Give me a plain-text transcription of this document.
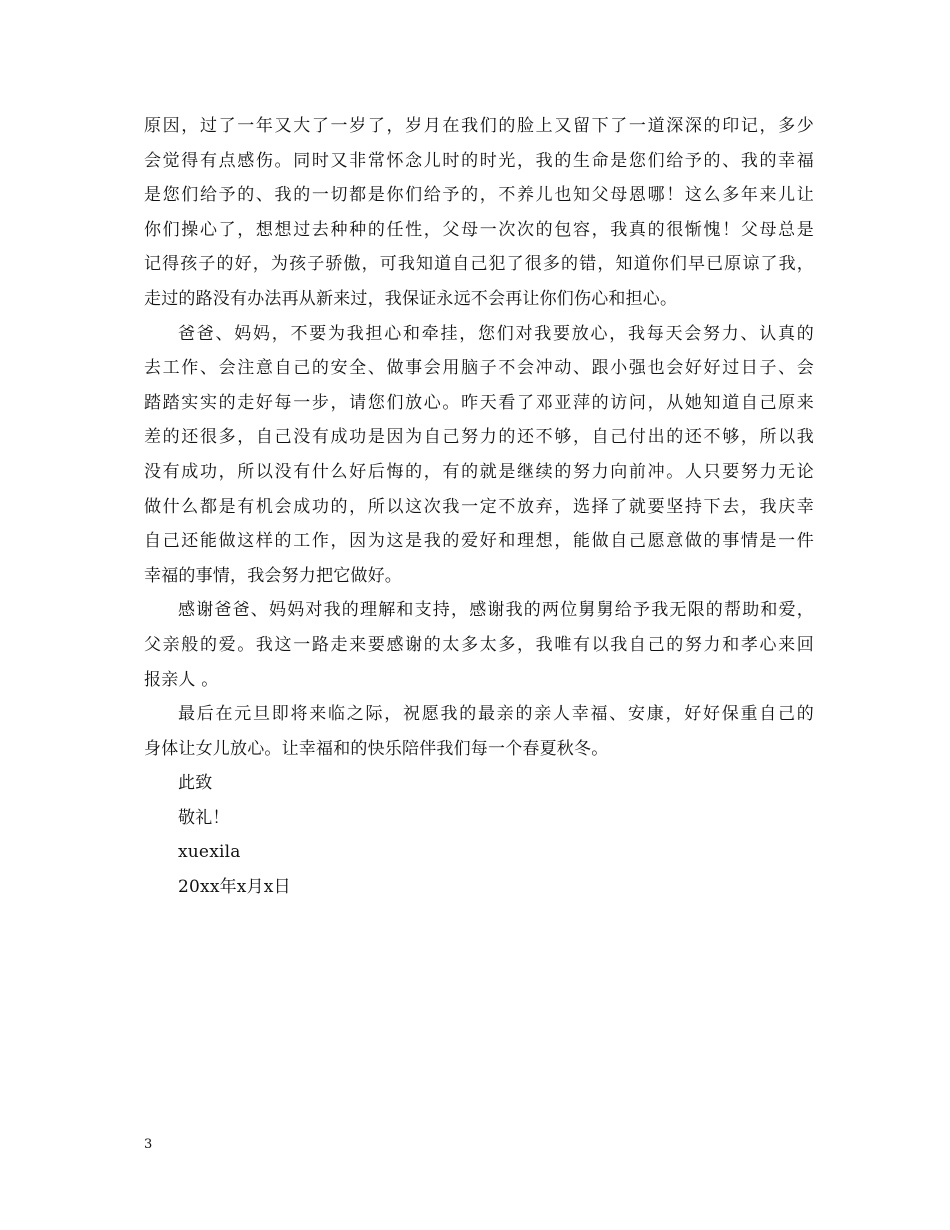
原因，过了一年又大了一岁了，岁月在我们的脸上又留下了一道深深的印记，多少
会觉得有点感伤。同时又非常怀念儿时的时光，我的生命是您们给予的、我的幸福
是您们给予的、我的一切都是你们给予的，不养儿也知父母恩哪！这么多年来儿让
你们操心了，想想过去种种的任性，父母一次次的包容，我真的很惭愧！父母总是
记得孩子的好，为孩子骄傲，可我知道自己犯了很多的错，知道你们早已原谅了我，
走过的路没有办法再从新来过，我保证永远不会再让你们伤心和担心。

爸爸、妈妈，不要为我担心和牵挂，您们对我要放心，我每天会努力、认真的
去工作、会注意自己的安全、做事会用脑子不会冲动、跟小强也会好好过日子、会
踏踏实实的走好每一步，请您们放心。昨天看了邓亚萍的访问，从她知道自己原来
差的还很多，自己没有成功是因为自己努力的还不够，自己付出的还不够，所以我
没有成功，所以没有什么好后悔的，有的就是继续的努力向前冲。人只要努力无论
做什么都是有机会成功的，所以这次我一定不放弃，选择了就要坚持下去，我庆幸
自己还能做这样的工作，因为这是我的爱好和理想，能做自己愿意做的事情是一件
幸福的事情，我会努力把它做好。

感谢爸爸、妈妈对我的理解和支持，感谢我的两位舅舅给予我无限的帮助和爱，
父亲般的爱。我这一路走来要感谢的太多太多，我唯有以我自己的努力和孝心来回
报亲人 。

最后在元旦即将来临之际，祝愿我的最亲的亲人幸福、安康，好好保重自己的
身体让女儿放心。让幸福和的快乐陪伴我们每一个春夏秋冬。

此致
敬礼！
xuexila
20xx年x月x日
3
